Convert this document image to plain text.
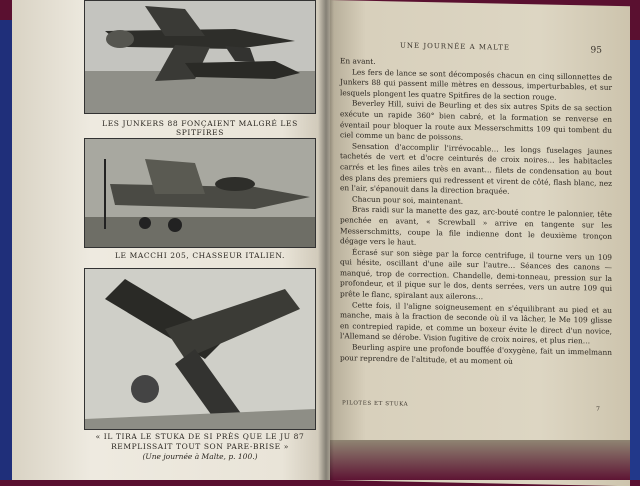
LES JUNKERS 88 FONÇAIENT MALGRÉ LES SPITFIRES
LE MACCHI 205, CHASSEUR ITALIEN.
« IL TIRA LE STUKA DE SI PRÈS QUE LE JU 87
REMPLISSAIT TOUT SON PARE-BRISE »
(Une journée à Malte, p. 100.)
UNE JOURNÉE A MALTE	95

En avant.

Les fers de lance se sont décomposés chacun en cinq sillonnettes de Junkers 88 qui passent mille mètres en dessous, imperturbables, et sur lesquels plongent les quatre Spitfires de la section rouge.

Beverley Hill, suivi de Beurling et des six autres Spits de sa section exécute un rapide 360° bien cabré, et la formation se renverse en éventail pour bloquer la route aux Messerschmitts 109 qui tombent du ciel comme un banc de poissons.

Sensation d'accomplir l'irrévocable… les longs fuselages jaunes tachetés de vert et d'ocre ceinturés de croix noires… les habitacles carrés et les fines ailes très en avant… filets de condensation au bout des plans des premiers qui redressent et virent de côté, flash blanc, nez en l'air, s'épanouit dans la direction braquée.

Chacun pour soi, maintenant.

Bras raidi sur la manette des gaz, arc-bouté contre le palonnier, tête penchée en avant, « Screwball » arrive en tangente sur les Messerschmitts, coupe la file indienne dont le deuxième tronçon dégage vers le haut.

Écrasé sur son siège par la force centrifuge, il tourne vers un 109 qui hésite, oscillant d'une aile sur l'autre… Séances des canons — manqué, trop de correction. Chandelle, demi-tonneau, pression sur la profondeur, et il pique sur le dos, dents serrées, vers un autre 109 qui prête le flanc, spiralant aux ailerons…

Cette fois, il l'aligne soigneusement en s'équilibrant au pied et au manche, mais à la fraction de seconde où il va lâcher, le Me 109 glisse en contrepied rapide, et comme un boxeur évite le direct d'un novice, l'Allemand se dérobe. Vision fugitive de croix noires, et plus rien…

Beurling aspire une profonde bouffée d'oxygène, fait un immelmann pour reprendre de l'altitude, et au moment où

PILOTES ET STUKA
7
